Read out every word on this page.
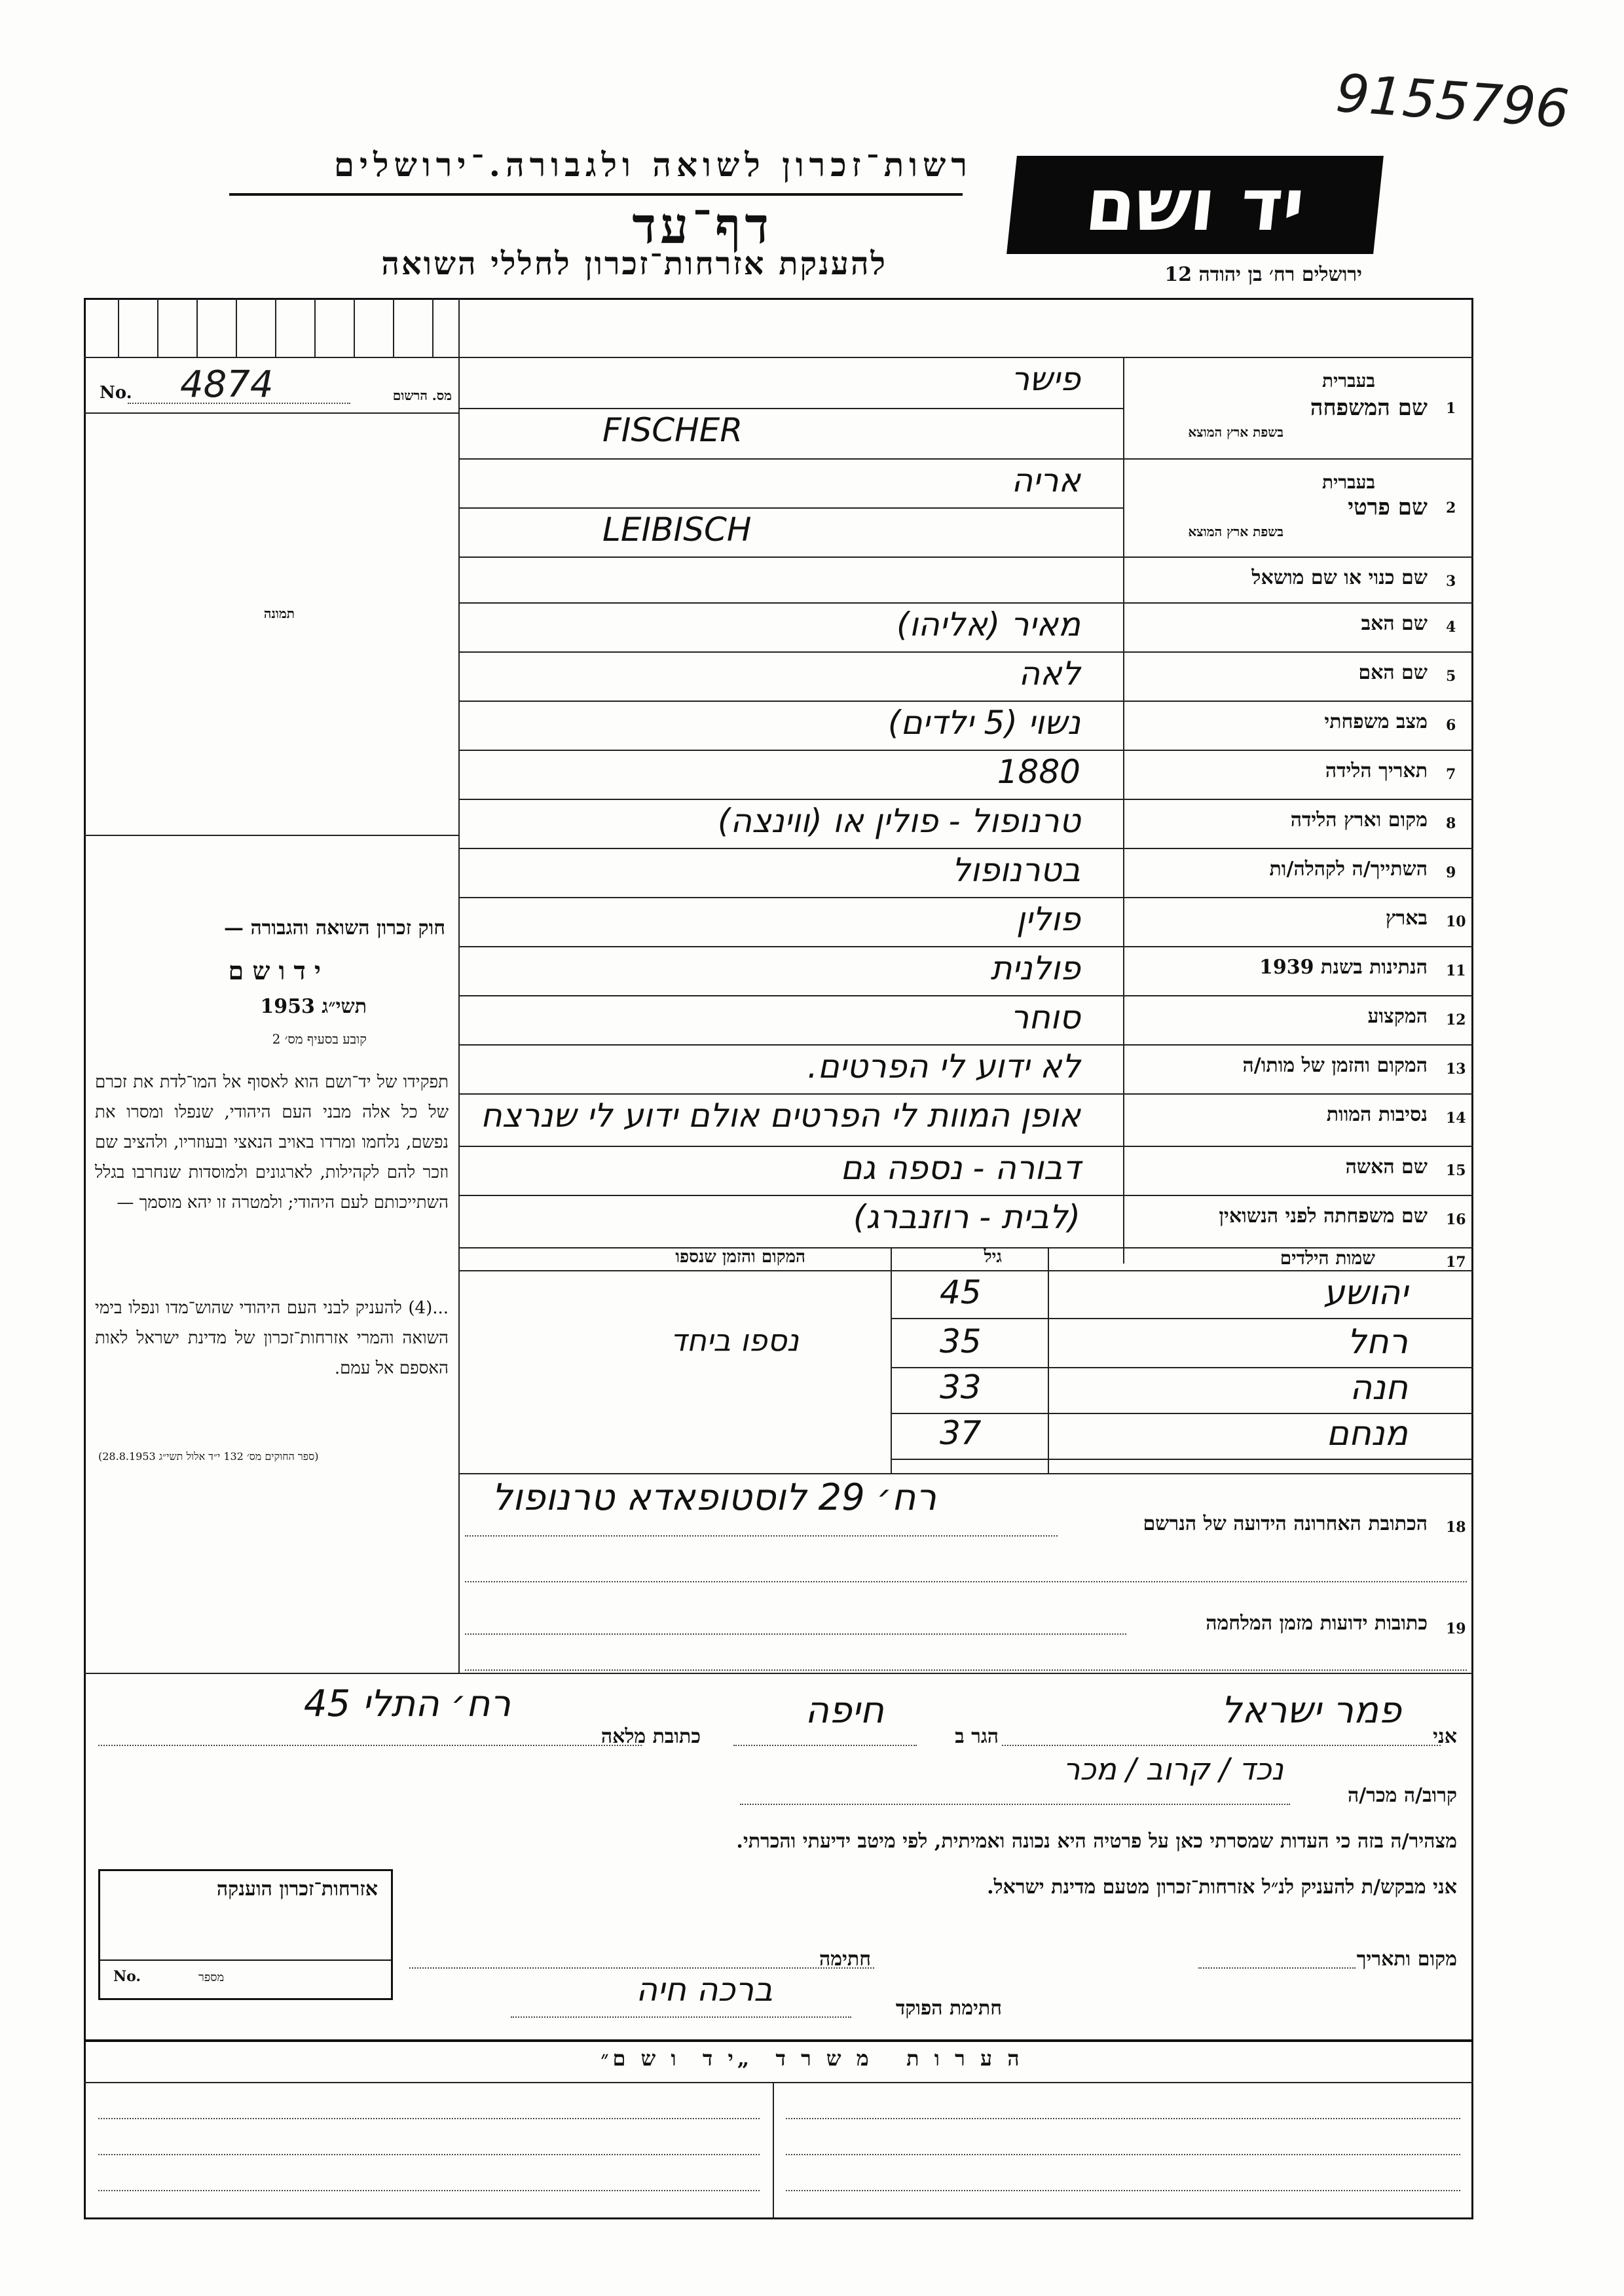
9155796
רשות־זכרון לשואה ולגבורה.־ירושלים
דף־עד
להענקת אזרחות־זכרון לחללי השואה
יד ושם
ירושלים רח׳ בן יהודה 12
No. 4874	מס. הרשום
תמונה
חוק זכרון השואה והגבורה —
י ד ו ש ם
תשי״ג 1953
קובע בסעיף מס׳ 2
תפקידו של יד־ושם הוא לאסוף אל המו־לדת את זכרם של כל אלה מבני העם היהודי, שנפלו ומסרו את נפשם, נלחמו ומרדו באויב הנאצי ובעוזריו, ולהציב שם וזכר להם לקהילות, לארגונים ולמוסדות שנחרבו בגלל השתייכותם לעם היהודי; ולמטרה זו יהא מוסמך —
...(4) להעניק לבני העם היהודי שהוש־מדו ונפלו בימי השואה והמרי אזרחות־זכרון של מדינת ישראל לאות האספם אל עמם.
(ספר החוקים מס׳ 132 י״ד אלול תשי״ג 28.8.1953)
1
שם המשפחה
בעברית
בשפת ארץ המוצא
פישר
FISCHER
2
שם פרטי
בעברית
בשפת ארץ המוצא
אריה
LEIBISCH
3
שם כנוי או שם מושאל
4
שם האב
מאיר (אליהו)
5
שם האם
לאה
6
מצב משפחתי
נשוי (5 ילדים)
7
תאריך הלידה
1880
8
מקום וארץ הלידה
טרנופול - פולין או (ווינצה)
9
השתייך/ה לקהלה/ות
בטרנופול
10
בארץ
פולין
11
הנתינות בשנת 1939
פולנית
12
המקצוע
סוחר
13
המקום והזמן של מותו/ה
לא ידוע לי הפרטים.
14
נסיבות המוות
אופן המוות לי הפרטים אולם ידוע לי שנרצח
15
שם האשה
דבורה - נספה גם
16
שם משפחתה לפני הנשואין
(לבית - רוזנברג)
17
שמות הילדים
גיל
המקום והזמן שנספו
יהושע
45
רחל
35
נספו ביחד
חנה
33
מנחם
37
18
הכתובת האחרונה הידועה של הנרשם
רח׳ 29 לוסטופאדא טרנופול
19
כתובות ידועות מזמן המלחמה
אני
פמר ישראל
הגר ב
חיפה
כתובת מלאה
רח׳ התלי 45
קרוב/ה מכר/ה
נכד / קרוב / מכר
מצהיר/ה בזה כי העדות שמסרתי כאן על פרטיה היא נכונה ואמיתית, לפי מיטב ידיעתי והכרתי.
אני מבקש/ת להעניק לנ״ל אזרחות־זכרון מטעם מדינת ישראל.
מקום ותאריך
חתימה
חתימת הפוקד
ברכה חיה
אזרחות־זכרון הוענקה
No.	מספר
ה ע ר ו ת   מ ש ר ד  „י ד  ו ש ם״
